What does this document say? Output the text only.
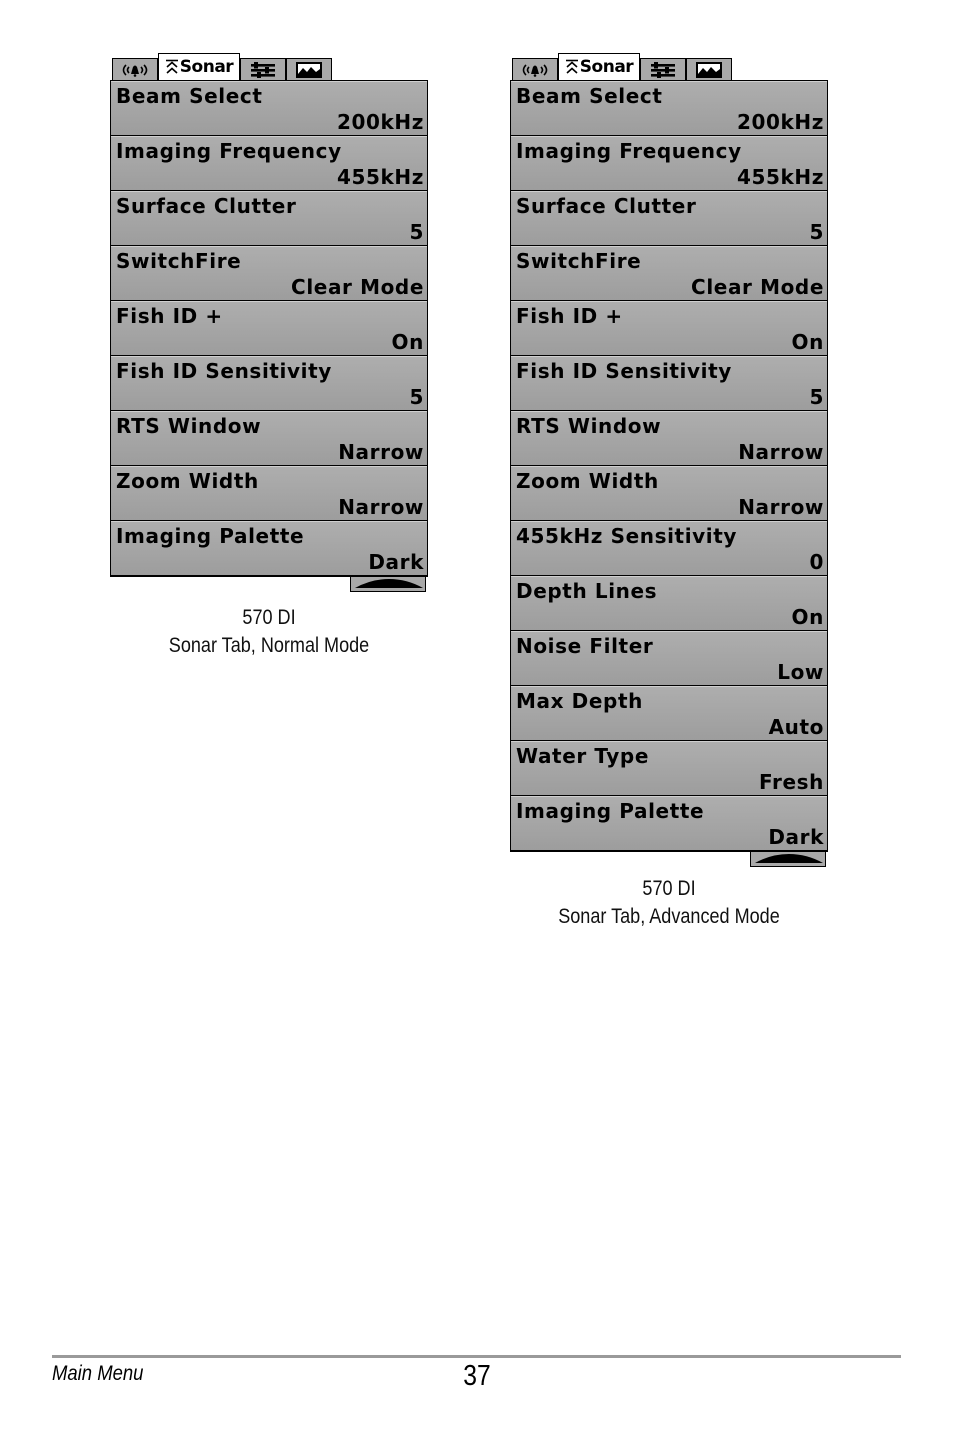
Sonar
Beam Select
200kHz
Imaging Frequency
455kHz
Surface Clutter
5
SwitchFire
Clear Mode
Fish ID +
On
Fish ID Sensitivity
5
RTS Window
Narrow
Zoom Width
Narrow
Imaging Palette
Dark
570 DI
Sonar Tab, Normal Mode
Sonar
Beam Select
200kHz
Imaging Frequency
455kHz
Surface Clutter
5
SwitchFire
Clear Mode
Fish ID +
On
Fish ID Sensitivity
5
RTS Window
Narrow
Zoom Width
Narrow
455kHz Sensitivity
0
Depth Lines
On
Noise Filter
Low
Max Depth
Auto
Water Type
Fresh
Imaging Palette
Dark
570 DI
Sonar Tab, Advanced Mode
Main Menu	37
